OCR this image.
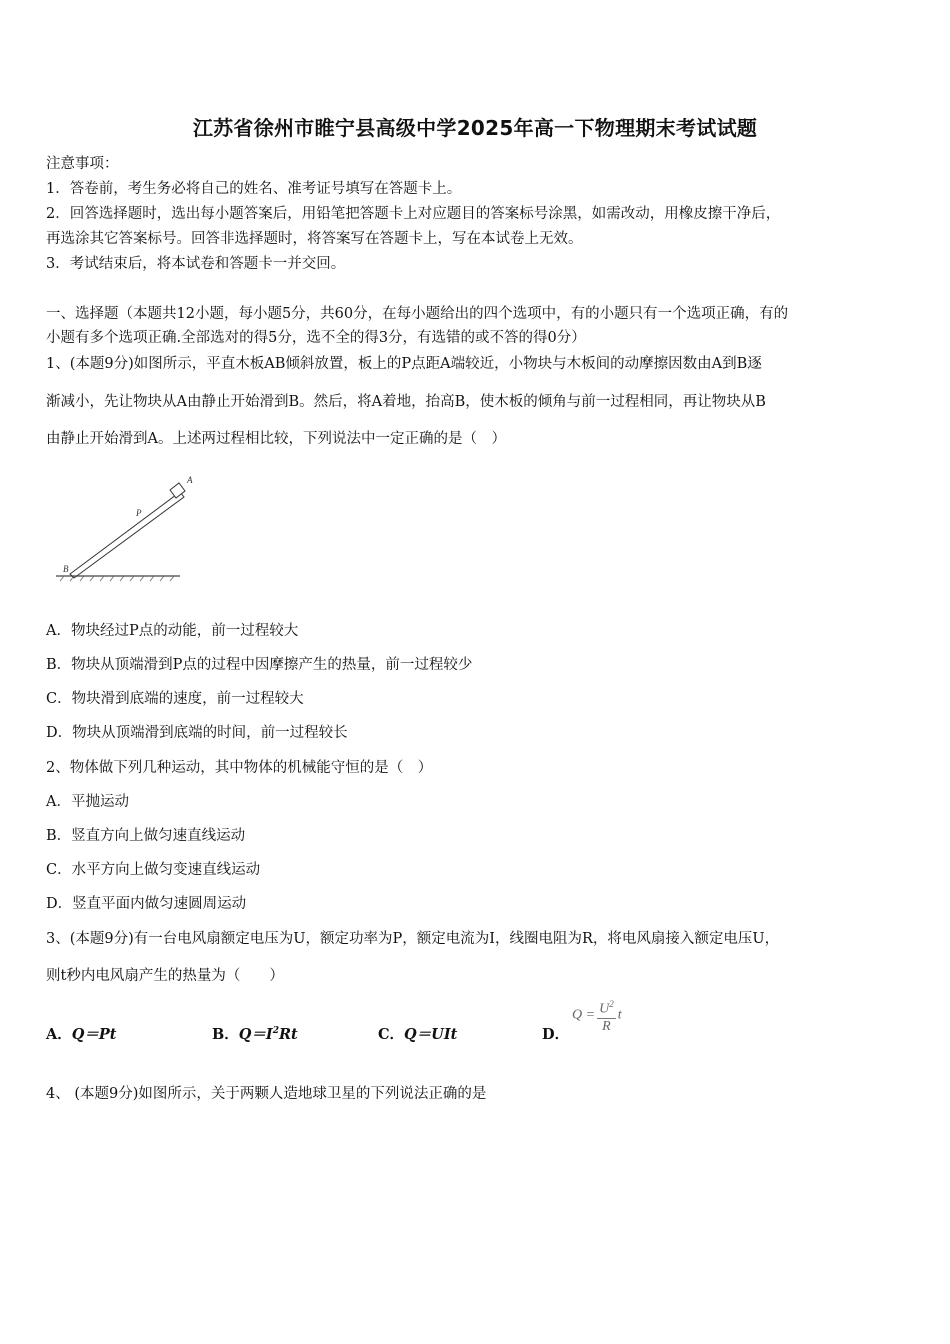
江苏省徐州市睢宁县高级中学2025年高一下物理期末考试试题
注意事项：
1．答卷前，考生务必将自己的姓名、准考证号填写在答题卡上。
2．回答选择题时，选出每小题答案后，用铅笔把答题卡上对应题目的答案标号涂黑，如需改动，用橡皮擦干净后，
再选涂其它答案标号。回答非选择题时，将答案写在答题卡上，写在本试卷上无效。
3．考试结束后，将本试卷和答题卡一并交回。
一、选择题（本题共12小题，每小题5分，共60分，在每小题给出的四个选项中，有的小题只有一个选项正确，有的
小题有多个选项正确.全部选对的得5分，选不全的得3分，有选错的或不答的得0分）
1、(本题9分)如图所示，平直木板AB倾斜放置，板上的P点距A端较近，小物块与木板间的动摩擦因数由A到B逐
渐减小，先让物块从A由静止开始滑到B。然后，将A着地，抬高B，使木板的倾角与前一过程相同，再让物块从B
由静止开始滑到A。上述两过程相比较，下列说法中一定正确的是（　）
A
P
B
A．物块经过P点的动能，前一过程较大
B．物块从顶端滑到P点的过程中因摩擦产生的热量，前一过程较少
C．物块滑到底端的速度，前一过程较大
D．物块从顶端滑到底端的时间，前一过程较长
2、物体做下列几种运动，其中物体的机械能守恒的是（　）
A．平抛运动
B．竖直方向上做匀速直线运动
C．水平方向上做匀变速直线运动
D．竖直平面内做匀速圆周运动
3、(本题9分)有一台电风扇额定电压为U，额定功率为P，额定电流为I，线圈电阻为R，将电风扇接入额定电压U，
则t秒内电风扇产生的热量为（　　）
A．Q＝Pt	B．$Q=I^2Rt$	C．Q＝UIt	D．
$Q = \frac{U^2}{R}$ t
4、 (本题9分)如图所示，关于两颗人造地球卫星的下列说法正确的是
